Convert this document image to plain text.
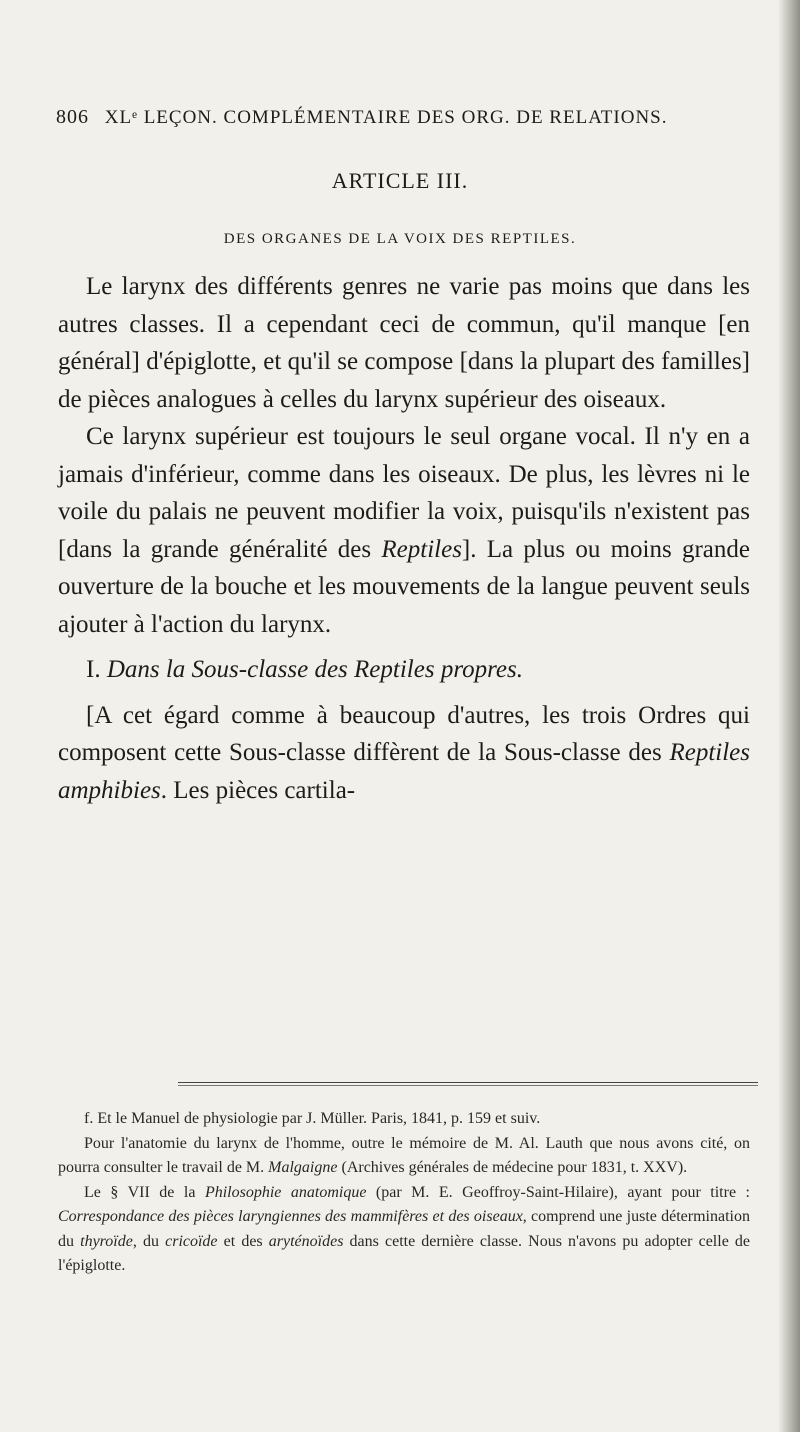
806 XLᵉ LEÇON. COMPLÉMENTAIRE DES ORG. DE RELATIONS.
ARTICLE III.
DES ORGANES DE LA VOIX DES REPTILES.

Le larynx des différents genres ne varie pas moins que dans les autres classes. Il a cependant ceci de commun, qu'il manque [en général] d'épiglotte, et qu'il se compose [dans la plupart des familles] de pièces analogues à celles du larynx supérieur des oiseaux.

Ce larynx supérieur est toujours le seul organe vocal. Il n'y en a jamais d'inférieur, comme dans les oiseaux. De plus, les lèvres ni le voile du palais ne peuvent modifier la voix, puisqu'ils n'existent pas [dans la grande généralité des Reptiles]. La plus ou moins grande ouverture de la bouche et les mouvements de la langue peuvent seuls ajouter à l'action du larynx.

I. Dans la Sous-classe des Reptiles propres.

[A cet égard comme à beaucoup d'autres, les trois Ordres qui composent cette Sous-classe diffèrent de la Sous-classe des Reptiles amphibies. Les pièces cartila-

f. Et le Manuel de physiologie par J. Müller. Paris, 1841, p. 159 et suiv.

Pour l'anatomie du larynx de l'homme, outre le mémoire de M. Al. Lauth que nous avons cité, on pourra consulter le travail de M. Malgaigne (Archives générales de médecine pour 1831, t. XXV).

Le § VII de la Philosophie anatomique (par M. E. Geoffroy-Saint-Hilaire), ayant pour titre : Correspondance des pièces laryngiennes des mammifères et des oiseaux, comprend une juste détermination du thyroïde, du cricoïde et des aryténoïdes dans cette dernière classe. Nous n'avons pu adopter celle de l'épiglotte.
